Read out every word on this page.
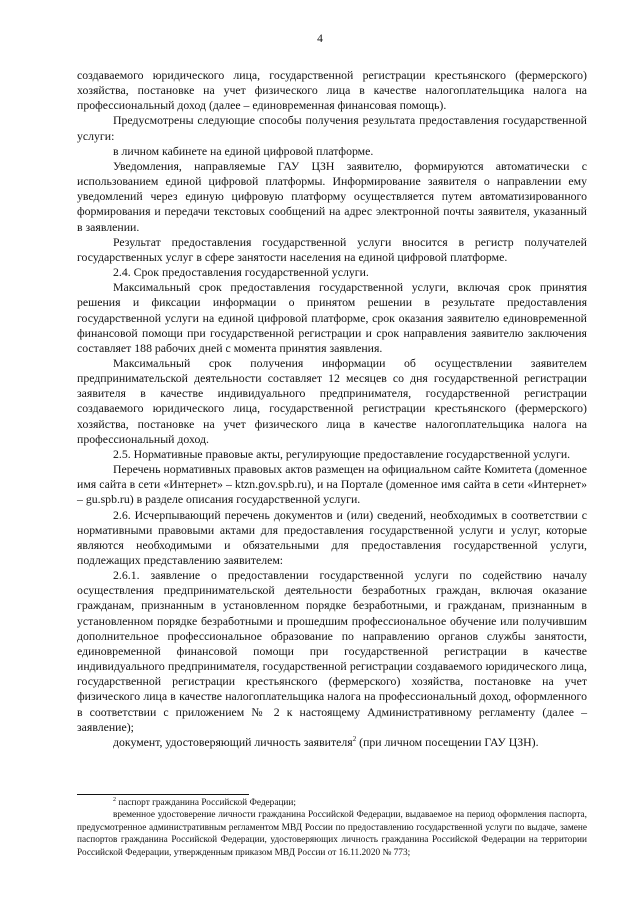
4

создаваемого юридического лица, государственной регистрации крестьянского (фермерского) хозяйства, постановке на учет физического лица в качестве налогоплательщика налога на профессиональный доход (далее – единовременная финансовая помощь).

Предусмотрены следующие способы получения результата предоставления государственной услуги:

в личном кабинете на единой цифровой платформе.

Уведомления, направляемые ГАУ ЦЗН заявителю, формируются автоматически с использованием единой цифровой платформы. Информирование заявителя о направлении ему уведомлений через единую цифровую платформу осуществляется путем автоматизированного формирования и передачи текстовых сообщений на адрес электронной почты заявителя, указанный в заявлении.

Результат предоставления государственной услуги вносится в регистр получателей государственных услуг в сфере занятости населения на единой цифровой платформе.

2.4. Срок предоставления государственной услуги.

Максимальный срок предоставления государственной услуги, включая срок принятия решения и фиксации информации о принятом решении в результате предоставления государственной услуги на единой цифровой платформе, срок оказания заявителю единовременной финансовой помощи при государственной регистрации и срок направления заявителю заключения составляет 188 рабочих дней с момента принятия заявления.

Максимальный срок получения информации об осуществлении заявителем предпринимательской деятельности составляет 12 месяцев со дня государственной регистрации заявителя в качестве индивидуального предпринимателя, государственной регистрации создаваемого юридического лица, государственной регистрации крестьянского (фермерского) хозяйства, постановке на учет физического лица в качестве налогоплательщика налога на профессиональный доход.

2.5. Нормативные правовые акты, регулирующие предоставление государственной услуги.

Перечень нормативных правовых актов размещен на официальном сайте Комитета (доменное имя сайта в сети «Интернет» – ktzn.gov.spb.ru), и на Портале (доменное имя сайта в сети «Интернет» – gu.spb.ru) в разделе описания государственной услуги.

2.6. Исчерпывающий перечень документов и (или) сведений, необходимых в соответствии с нормативными правовыми актами для предоставления государственной услуги и услуг, которые являются необходимыми и обязательными для предоставления государственной услуги, подлежащих представлению заявителем:

2.6.1. заявление о предоставлении государственной услуги по содействию началу осуществления предпринимательской деятельности безработных граждан, включая оказание гражданам, признанным в установленном порядке безработными, и гражданам, признанным в установленном порядке безработными и прошедшим профессиональное обучение или получившим дополнительное профессиональное образование по направлению органов службы занятости, единовременной финансовой помощи при государственной регистрации в качестве индивидуального предпринимателя, государственной регистрации создаваемого юридического лица, государственной регистрации крестьянского (фермерского) хозяйства, постановке на учет физического лица в качестве налогоплательщика налога на профессиональный доход, оформленного в соответствии с приложением № 2 к настоящему Административному регламенту (далее – заявление);

документ, удостоверяющий личность заявителя$^2$ (при личном посещении ГАУ ЦЗН).

$^2$ паспорт гражданина Российской Федерации;

временное удостоверение личности гражданина Российской Федерации, выдаваемое на период оформления паспорта, предусмотренное административным регламентом МВД России по предоставлению государственной услуги по выдаче, замене паспортов гражданина Российской Федерации, удостоверяющих личность гражданина Российской Федерации на территории Российской Федерации, утвержденным приказом МВД России от 16.11.2020 № 773;
